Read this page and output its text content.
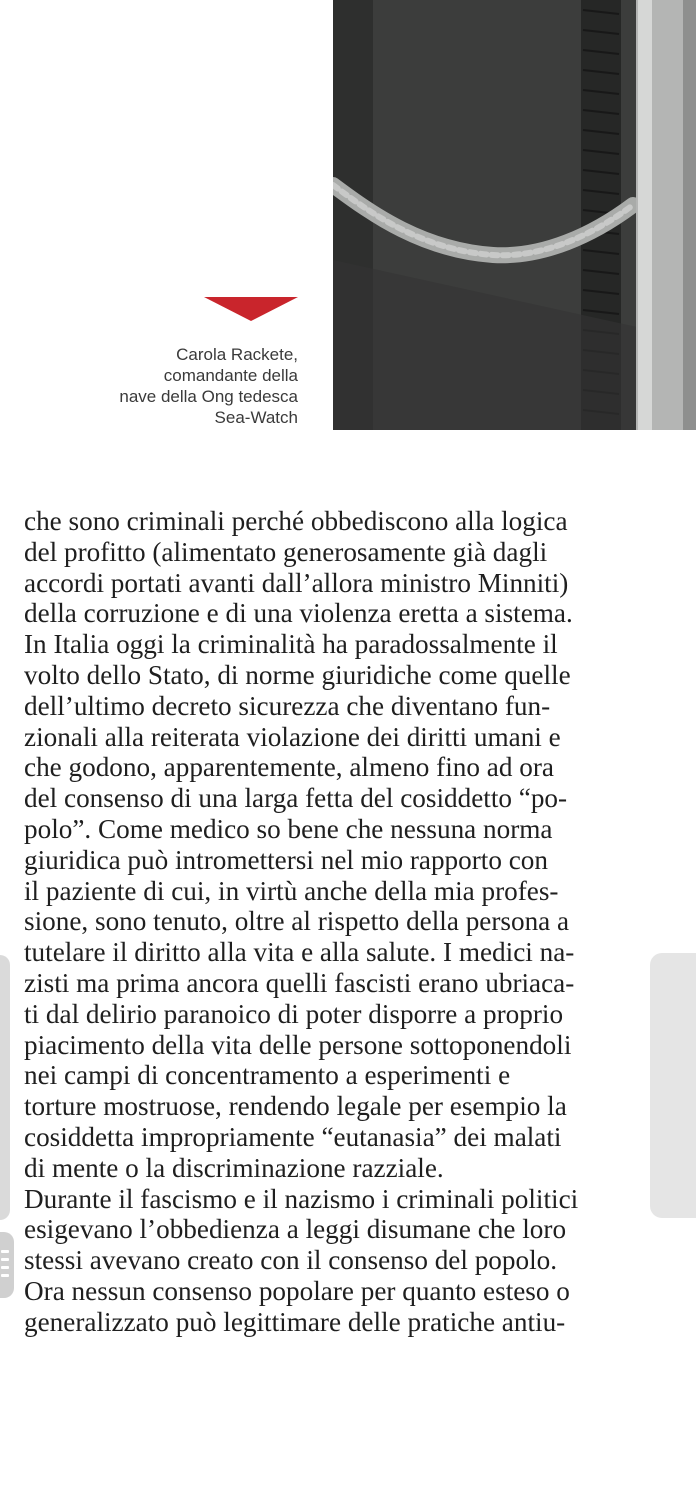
Carola Rackete,
comandante della
nave della Ong tedesca
Sea-Watch
che sono criminali perché obbediscono alla logica
del profitto (alimentato generosamente già dagli
accordi portati avanti dall’allora ministro Minniti)
della corruzione e di una violenza eretta a sistema.
In Italia oggi la criminalità ha paradossalmente il
volto dello Stato, di norme giuridiche come quelle
dell’ultimo decreto sicurezza che diventano fun-
zionali alla reiterata violazione dei diritti umani e
che godono, apparentemente, almeno fino ad ora
del consenso di una larga fetta del cosiddetto “po-
polo”. Come medico so bene che nessuna norma
giuridica può intromettersi nel mio rapporto con
il paziente di cui, in virtù anche della mia profes-
sione, sono tenuto, oltre al rispetto della persona a
tutelare il diritto alla vita e alla salute. I medici na-
zisti ma prima ancora quelli fascisti erano ubriaca-
ti dal delirio paranoico di poter disporre a proprio
piacimento della vita delle persone sottoponendoli
nei campi di concentramento a esperimenti e
torture mostruose, rendendo legale per esempio la
cosiddetta impropriamente “eutanasia” dei malati
di mente o la discriminazione razziale.
Durante il fascismo e il nazismo i criminali politici
esigevano l’obbedienza a leggi disumane che loro
stessi avevano creato con il consenso del popolo.
Ora nessun consenso popolare per quanto esteso o
generalizzato può legittimare delle pratiche antiu-
